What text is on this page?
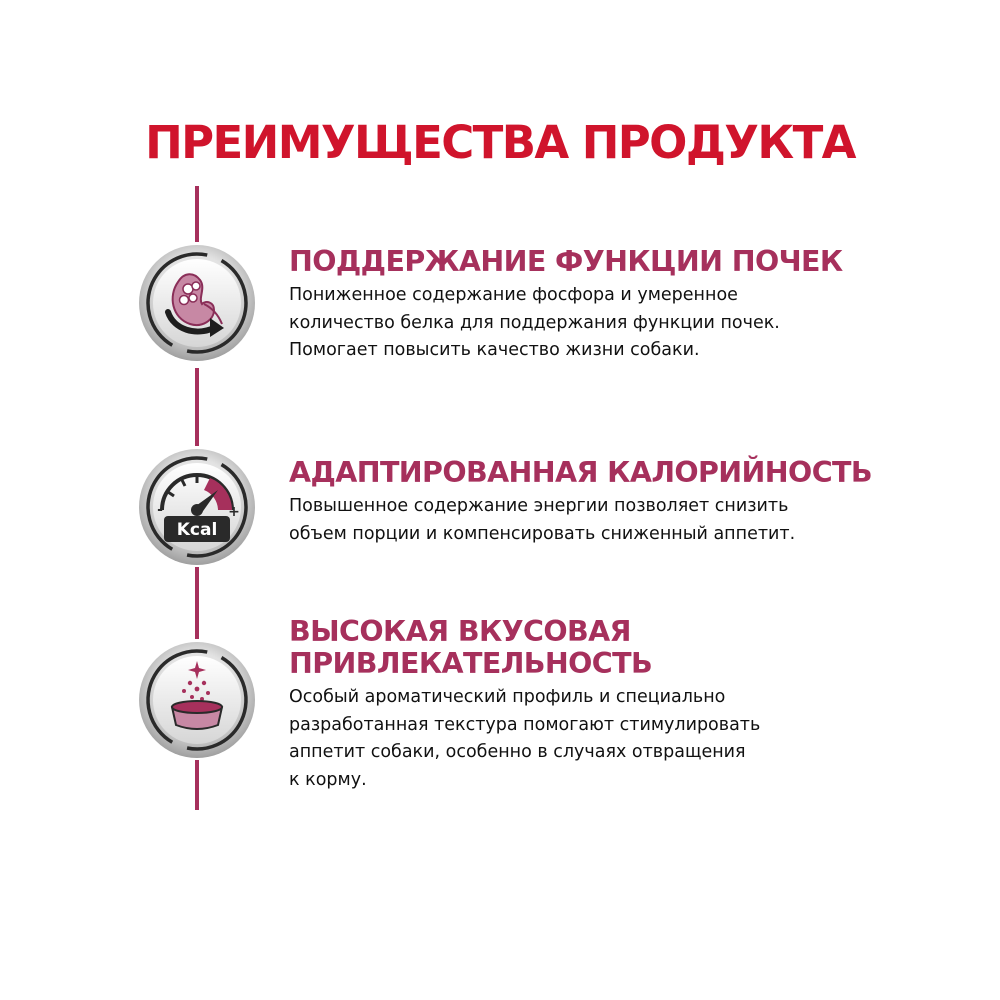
ПРЕИМУЩЕСТВА ПРОДУКТА
Kcal
-	+
ПОДДЕРЖАНИЕ ФУНКЦИИ ПОЧЕК

Пониженное содержание фосфора и умеренное
количество белка для поддержания функции почек.
Помогает повысить качество жизни собаки.

АДАПТИРОВАННАЯ КАЛОРИЙНОСТЬ

Повышенное содержание энергии позволяет снизить
объем порции и компенсировать сниженный аппетит.

ВЫСОКАЯ ВКУСОВАЯ
ПРИВЛЕКАТЕЛЬНОСТЬ

Особый ароматический профиль и специально
разработанная текстура помогают стимулировать
аппетит собаки, особенно в случаях отвращения
к корму.
